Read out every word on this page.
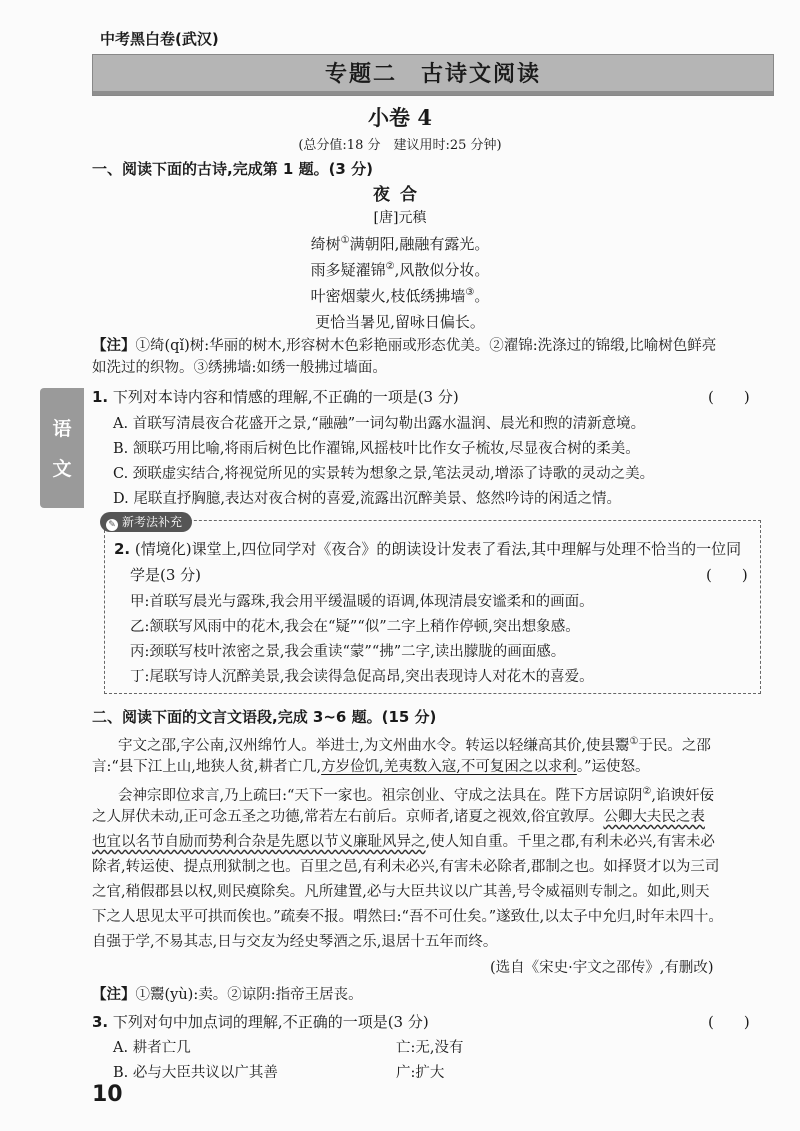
中考黑白卷(武汉)
专题二　古诗文阅读
小卷 4
(总分值:18 分　建议用时:25 分钟)
语
文
一、阅读下面的古诗,完成第 1 题。(3 分)
夜合
[唐]元稹
绮树①满朝阳,融融有露光。
雨多疑濯锦②,风散似分妆。
叶密烟蒙火,枝低绣拂墙③。
更恰当暑见,留咏日偏长。
【注】①绮(qǐ)树:华丽的树木,形容树木色彩艳丽或形态优美。②濯锦:洗涤过的锦缎,比喻树色鲜亮
如洗过的织物。③绣拂墙:如绣一般拂过墙面。
1. 下列对本诗内容和情感的理解,不正确的一项是(3 分)	(　　)
A. 首联写清晨夜合花盛开之景,“融融”一词勾勒出露水温润、晨光和煦的清新意境。
B. 颔联巧用比喻,将雨后树色比作濯锦,风摇枝叶比作女子梳妆,尽显夜合树的柔美。
C. 颈联虚实结合,将视觉所见的实景转为想象之景,笔法灵动,增添了诗歌的灵动之美。
D. 尾联直抒胸臆,表达对夜合树的喜爱,流露出沉醉美景、悠然吟诗的闲适之情。
✎ 新考法补充
2. (情境化)课堂上,四位同学对《夜合》的朗读设计发表了看法,其中理解与处理不恰当的一位同
学是(3 分)	(　　)
甲:首联写晨光与露珠,我会用平缓温暖的语调,体现清晨安谧柔和的画面。
乙:颔联写风雨中的花木,我会在“疑”“似”二字上稍作停顿,突出想象感。
丙:颈联写枝叶浓密之景,我会重读“蒙”“拂”二字,读出朦胧的画面感。
丁:尾联写诗人沉醉美景,我会读得急促高昂,突出表现诗人对花木的喜爱。
二、阅读下面的文言文语段,完成 3~6 题。(15 分)
宇文之邵,字公南,汉州绵竹人。举进士,为文州曲水令。转运以轻缣高其价,使县鬻①于民。之邵
言:“县下江上山,地狭人贫,耕者亡几,方岁俭饥,羌夷数入寇,不可复困之以求利。”运使怒。
会神宗即位求言,乃上疏曰:“天下一家也。祖宗创业、守成之法具在。陛下方居谅阴②,谄谀奸佞
之人屏伏未动,正可念五圣之功德,常若左右前后。京师者,诸夏之视效,俗宜敦厚。公卿大夫民之表
也宜以名节自励而势利合杂是先愿以节义廉耻风异之,使人知自重。千里之郡,有利未必兴,有害未必
除者,转运使、提点刑狱制之也。百里之邑,有利未必兴,有害未必除者,郡制之也。如择贤才以为三司
之官,稍假郡县以权,则民瘼除矣。凡所建置,必与大臣共议以广其善,号令威福则专制之。如此,则天
下之人思见太平可拱而俟也。”疏奏不报。喟然曰:“吾不可仕矣。”遂致仕,以太子中允归,时年未四十。
自强于学,不易其志,日与交友为经史琴酒之乐,退居十五年而终。
(选自《宋史·宇文之邵传》,有删改)
【注】①鬻(yù):卖。②谅阴:指帝王居丧。
3. 下列对句中加点词的理解,不正确的一项是(3 分)	(　　)
A. 耕者亡几	亡:无,没有
B. 必与大臣共议以广其善	广:扩大
10
